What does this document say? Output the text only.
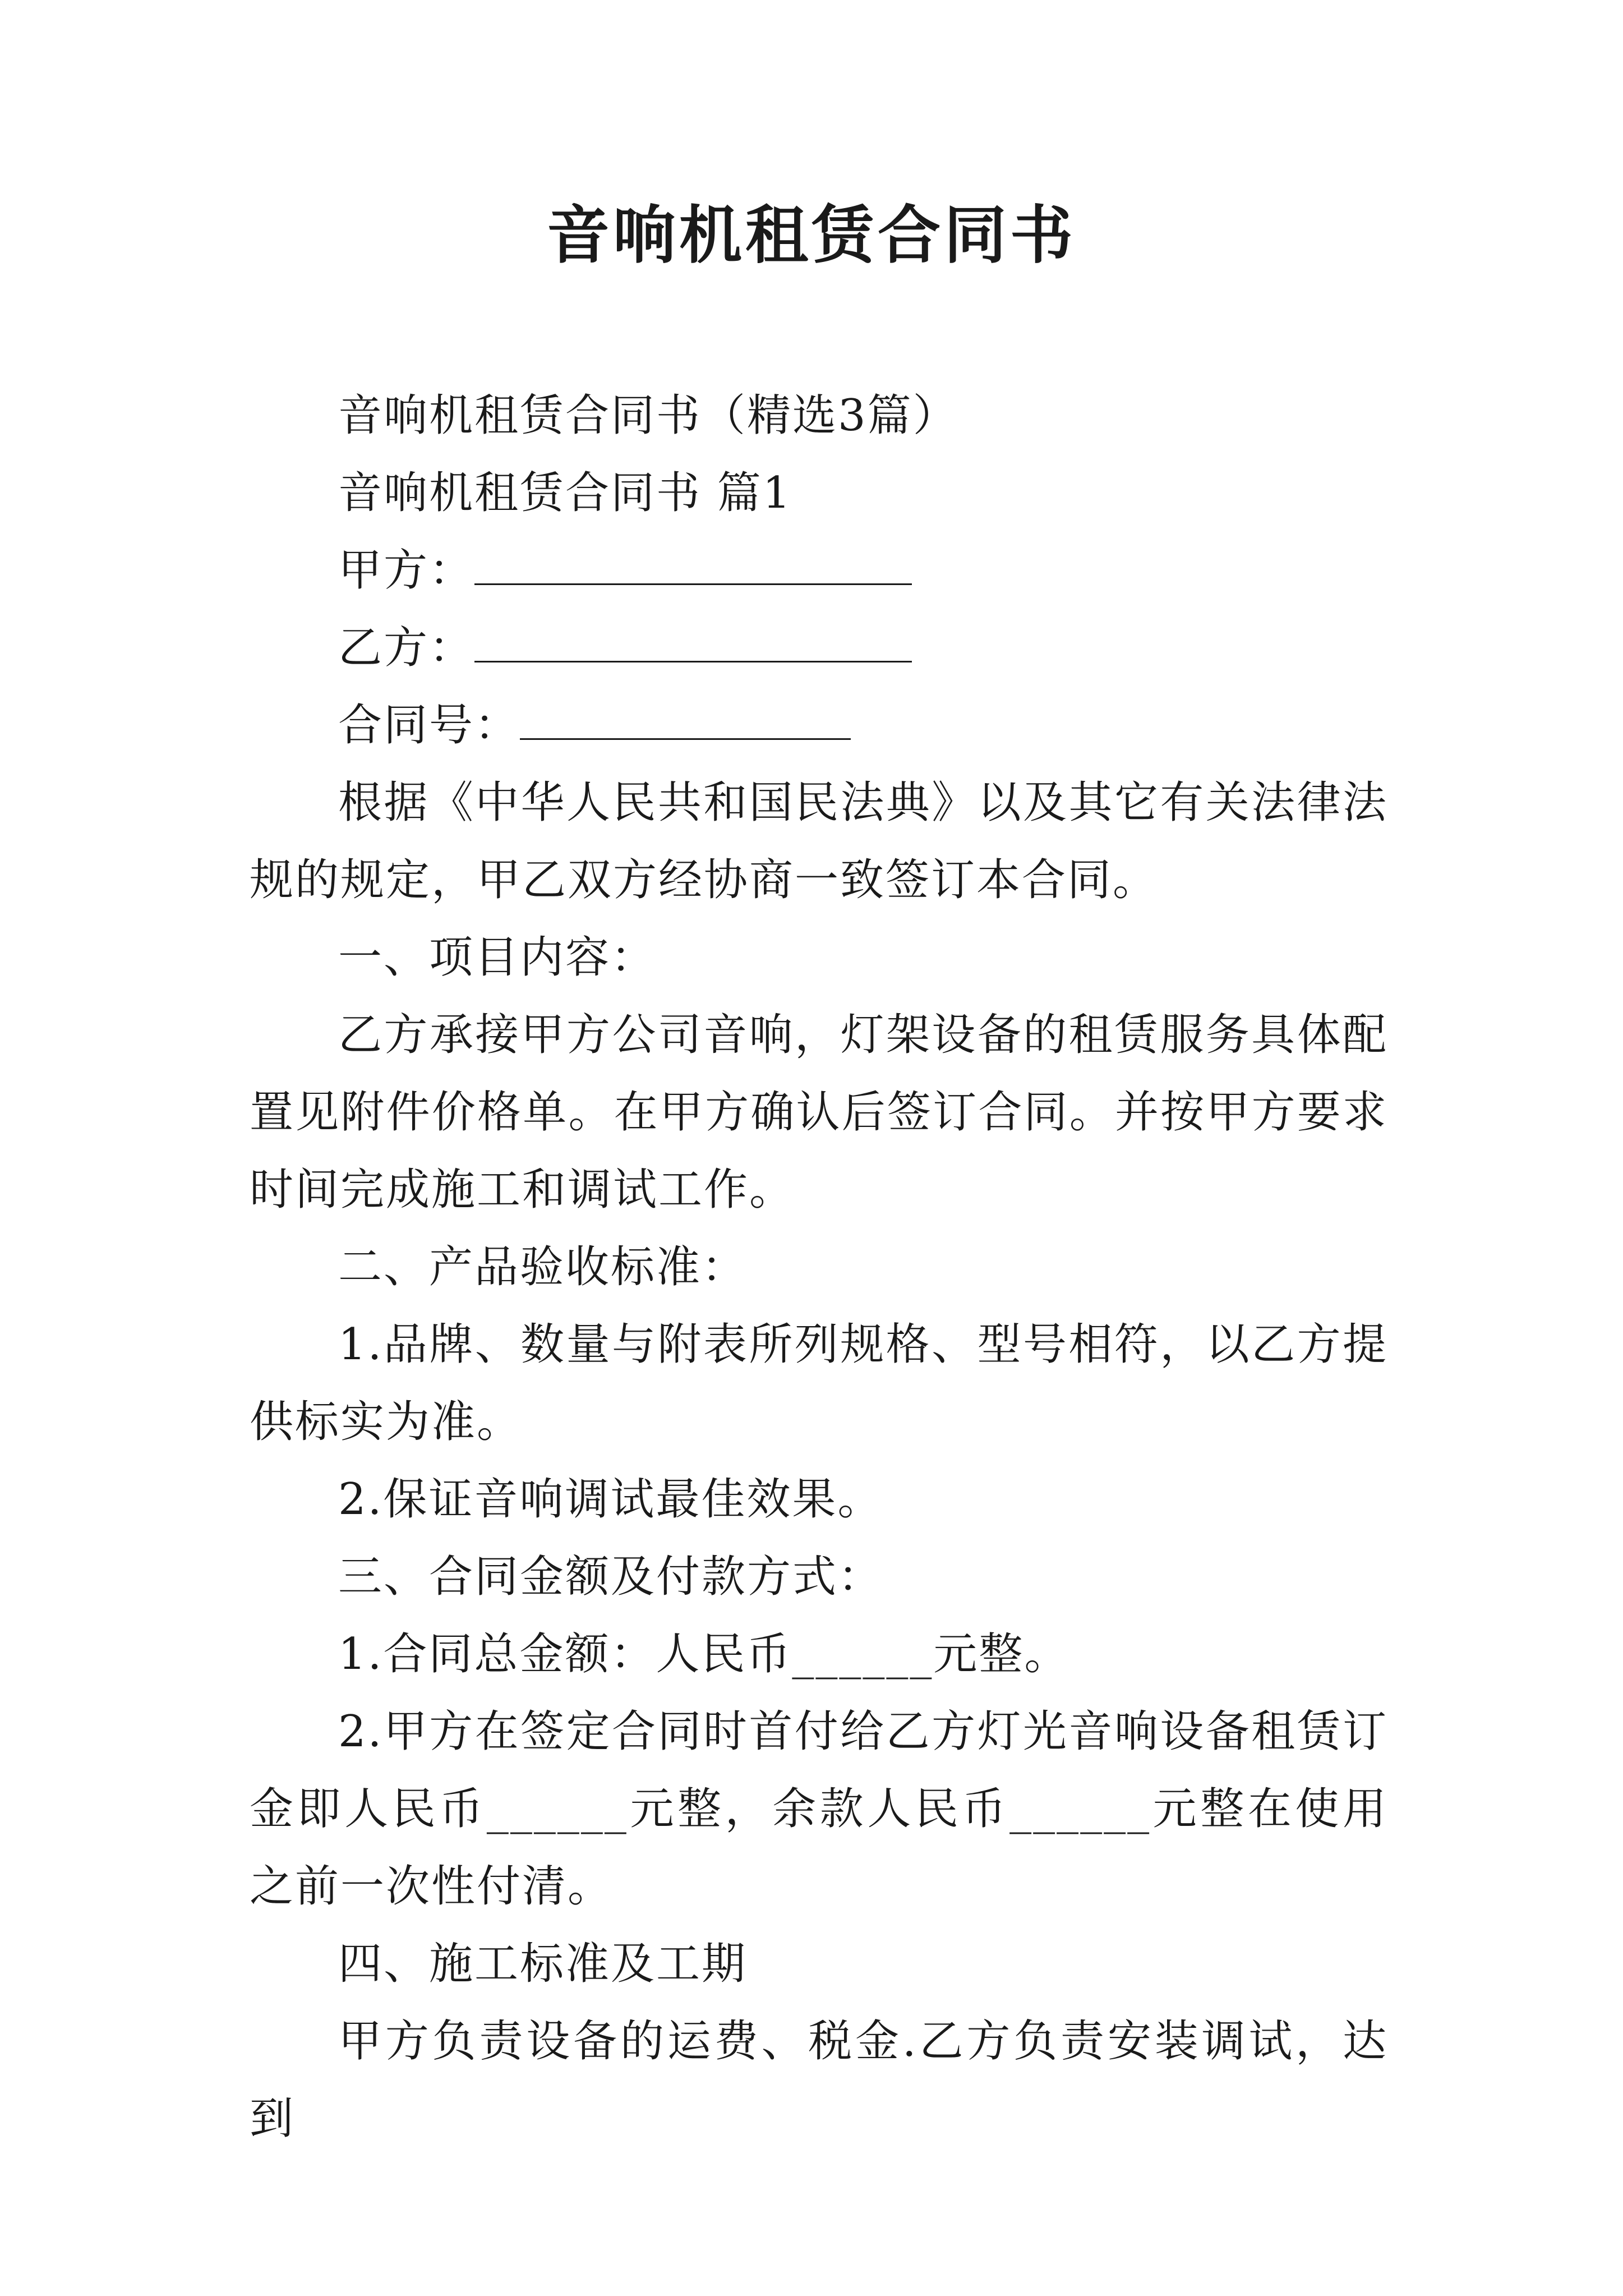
音响机租赁合同书

音响机租赁合同书（精选3篇）

音响机租赁合同书 篇1

甲方：

乙方：

合同号：

根据《中华人民共和国民法典》以及其它有关法律法规的规定，甲乙双方经协商一致签订本合同。

一、项目内容：

乙方承接甲方公司音响，灯架设备的租赁服务具体配置见附件价格单。在甲方确认后签订合同。并按甲方要求时间完成施工和调试工作。

二、产品验收标准：

1.品牌、数量与附表所列规格、型号相符，以乙方提供标实为准。

2.保证音响调试最佳效果。

三、合同金额及付款方式：

1.合同总金额：人民币______元整。

2.甲方在签定合同时首付给乙方灯光音响设备租赁订金即人民币______元整，余款人民币______元整在使用之前一次性付清。

四、施工标准及工期

甲方负责设备的运费、税金.乙方负责安装调试，达到
